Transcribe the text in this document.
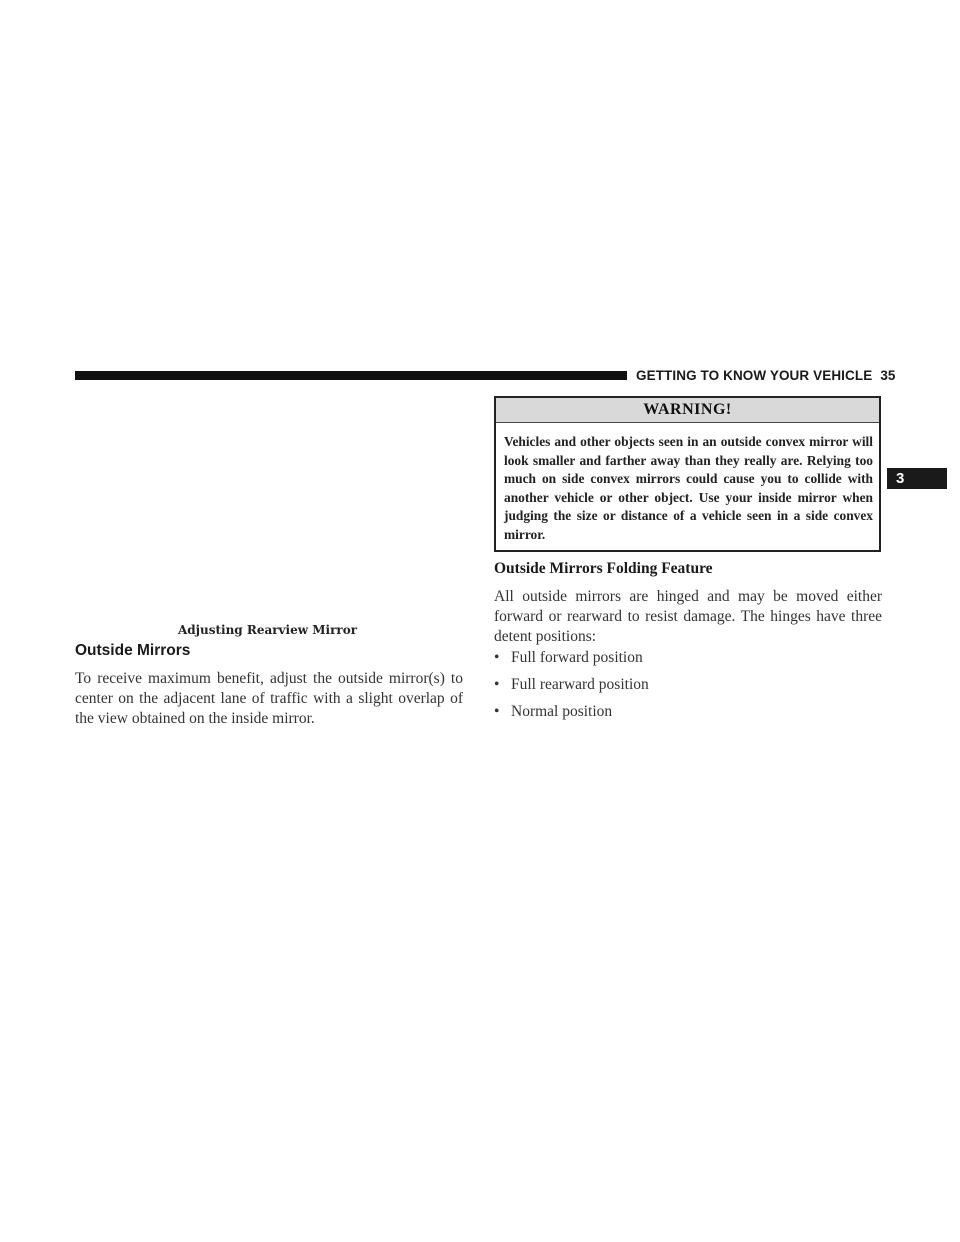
GETTING TO KNOW YOUR VEHICLE 35
3
Adjusting Rearview Mirror
Outside Mirrors

To receive maximum benefit, adjust the outside mirror(s) to center on the adjacent lane of traffic with a slight overlap of the view obtained on the inside mirror.

WARNING!

Vehicles and other objects seen in an outside convex mirror will look smaller and farther away than they really are. Relying too much on side convex mirrors could cause you to collide with another vehicle or other object. Use your inside mirror when judging the size or distance of a vehicle seen in a side convex mirror.

Outside Mirrors Folding Feature

All outside mirrors are hinged and may be moved either forward or rearward to resist damage. The hinges have three detent positions:

• Full forward position
• Full rearward position
• Normal position
